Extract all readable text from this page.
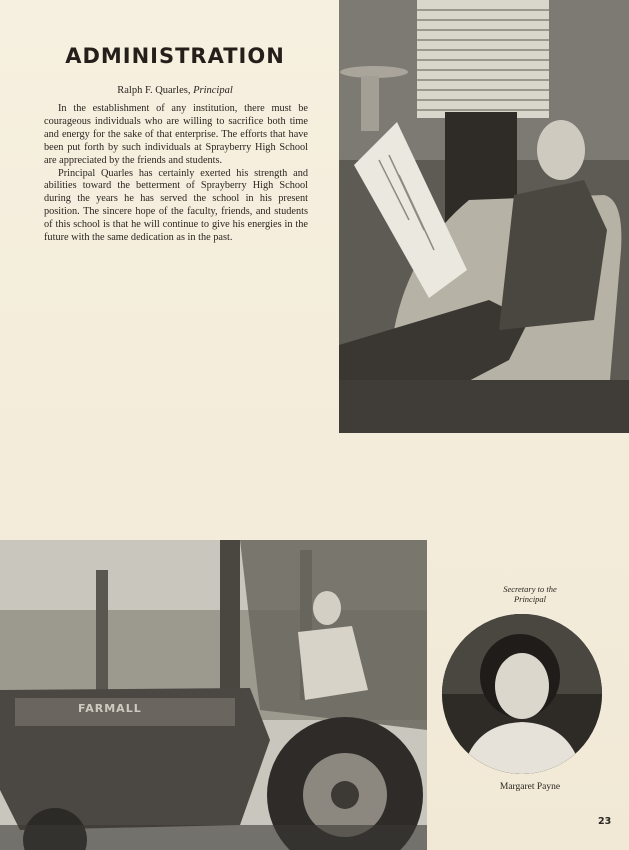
ADMINISTRATION
Ralph F. Quarles, Principal

In the establishment of any institution, there must be courageous individuals who are willing to sacrifice both time and energy for the sake of that enterprise. The efforts that have been put forth by such individuals at Sprayberry High School are appreciated by the friends and students.

Principal Quarles has certainly exerted his strength and abilities toward the betterment of Sprayberry High School during the years he has served the school in his present position. The sincere hope of the faculty, friends, and students of this school is that he will continue to give his energies in the future with the same dedication as in the past.

FARMALL
Secretary to the
Principal
Margaret Payne
23
